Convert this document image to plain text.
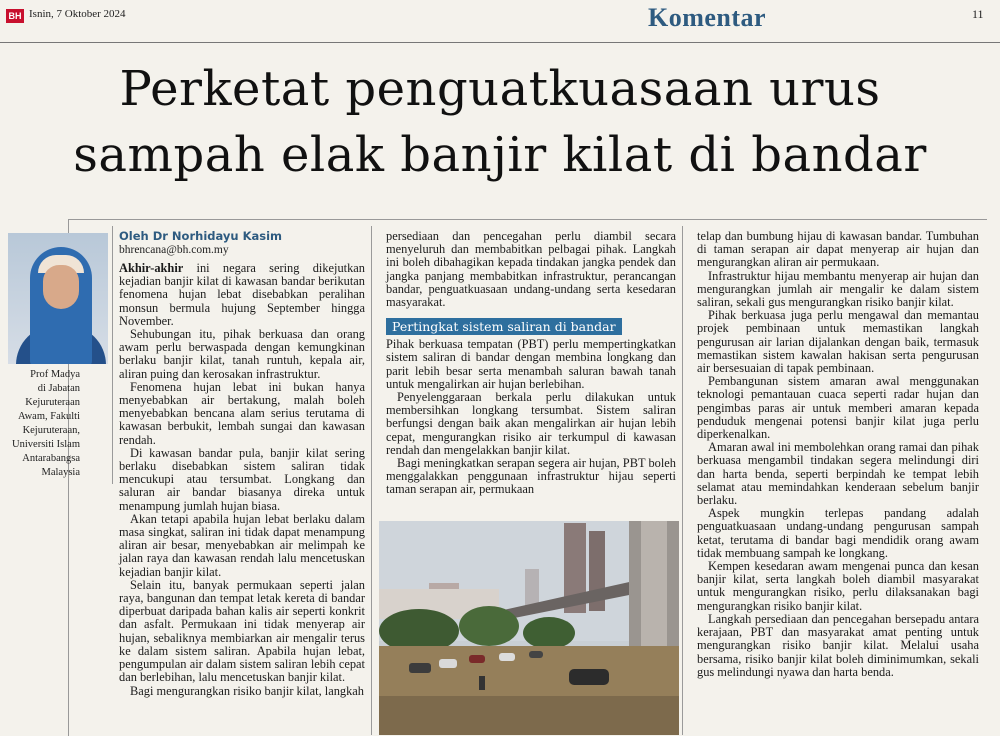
BH Isnin, 7 Oktober 2024	Komentar	11
Perketat penguatkuasaan urus
sampah elak banjir kilat di bandar
Prof Madya
di Jabatan
Kejuruteraan
Awam, Fakulti
Kejuruteraan,
Universiti Islam
Antarabangsa
Malaysia
Oleh Dr Norhidayu Kasim
bhrencana@bh.com.my

Akhir-akhir ini negara sering dikejutkan kejadian banjir kilat di kawasan bandar berikutan fenomena hujan lebat disebabkan peralihan monsun bermula hujung September hingga November.

Sehubungan itu, pihak berkuasa dan orang awam perlu berwaspada dengan kemungkinan berlaku banjir kilat, tanah runtuh, kepala air, aliran puing dan kerosakan infrastruktur.

Fenomena hujan lebat ini bukan hanya menyebabkan air bertakung, malah boleh menyebabkan bencana alam serius terutama di kawasan berbukit, lembah sungai dan kawasan rendah.

Di kawasan bandar pula, banjir kilat sering berlaku disebabkan sistem saliran tidak mencukupi atau tersumbat. Longkang dan saluran air bandar biasanya direka untuk menampung jumlah hujan biasa.

Akan tetapi apabila hujan lebat berlaku dalam masa singkat, saliran ini tidak dapat menampung aliran air besar, menyebabkan air melimpah ke jalan raya dan kawasan rendah lalu mencetuskan kejadian banjir kilat.

Selain itu, banyak permukaan seperti jalan raya, bangunan dan tempat letak kereta di bandar diperbuat daripada bahan kalis air seperti konkrit dan asfalt. Permukaan ini tidak menyerap air hujan, sebaliknya membiarkan air mengalir terus ke dalam sistem saliran. Apabila hujan lebat, pengumpulan air dalam sistem saliran lebih cepat dan berlebihan, lalu mencetuskan banjir kilat.

Bagi mengurangkan risiko banjir kilat, langkah

persediaan dan pencegahan perlu diambil secara menyeluruh dan membabitkan pelbagai pihak. Langkah ini boleh dibahagikan kepada tindakan jangka pendek dan jangka panjang membabitkan infrastruktur, perancangan bandar, penguatkuasaan undang-undang serta kesedaran masyarakat.

Pertingkat sistem saliran di bandar

Pihak berkuasa tempatan (PBT) perlu mempertingkatkan sistem saliran di bandar dengan membina longkang dan parit lebih besar serta menambah saluran bawah tanah untuk mengalirkan air hujan berlebihan.

Penyelenggaraan berkala perlu dilakukan untuk membersihkan longkang tersumbat. Sistem saliran berfungsi dengan baik akan mengalirkan air hujan lebih cepat, mengurangkan risiko air terkumpul di kawasan rendah dan mengelakkan banjir kilat.

Bagi meningkatkan serapan segera air hujan, PBT boleh menggalakkan penggunaan infrastruktur hijau seperti taman serapan air, permukaan

telap dan bumbung hijau di kawasan bandar. Tumbuhan di taman serapan air dapat menyerap air hujan dan mengurangkan aliran air permukaan.

Infrastruktur hijau membantu menyerap air hujan dan mengurangkan jumlah air mengalir ke dalam sistem saliran, sekali gus mengurangkan risiko banjir kilat.

Pihak berkuasa juga perlu mengawal dan memantau projek pembinaan untuk memastikan langkah pengurusan air larian dijalankan dengan baik, termasuk memastikan sistem kawalan hakisan serta pengurusan air bersesuaian di tapak pembinaan.

Pembangunan sistem amaran awal menggunakan teknologi pemantauan cuaca seperti radar hujan dan pengimbas paras air untuk memberi amaran kepada penduduk mengenai potensi banjir kilat juga perlu diperkenalkan.

Amaran awal ini membolehkan orang ramai dan pihak berkuasa mengambil tindakan segera melindungi diri dan harta benda, seperti berpindah ke tempat lebih selamat atau memindahkan kenderaan sebelum banjir berlaku.

Aspek mungkin terlepas pandang adalah penguatkuasaan undang-undang pengurusan sampah ketat, terutama di bandar bagi mendidik orang awam tidak membuang sampah ke longkang.

Kempen kesedaran awam mengenai punca dan kesan banjir kilat, serta langkah boleh diambil masyarakat untuk mengurangkan risiko, perlu dilaksanakan bagi mengurangkan risiko banjir kilat.

Langkah persediaan dan pencegahan bersepadu antara kerajaan, PBT dan masyarakat amat penting untuk mengurangkan risiko banjir kilat. Melalui usaha bersama, risiko banjir kilat boleh diminimumkan, sekali gus melindungi nyawa dan harta benda.
